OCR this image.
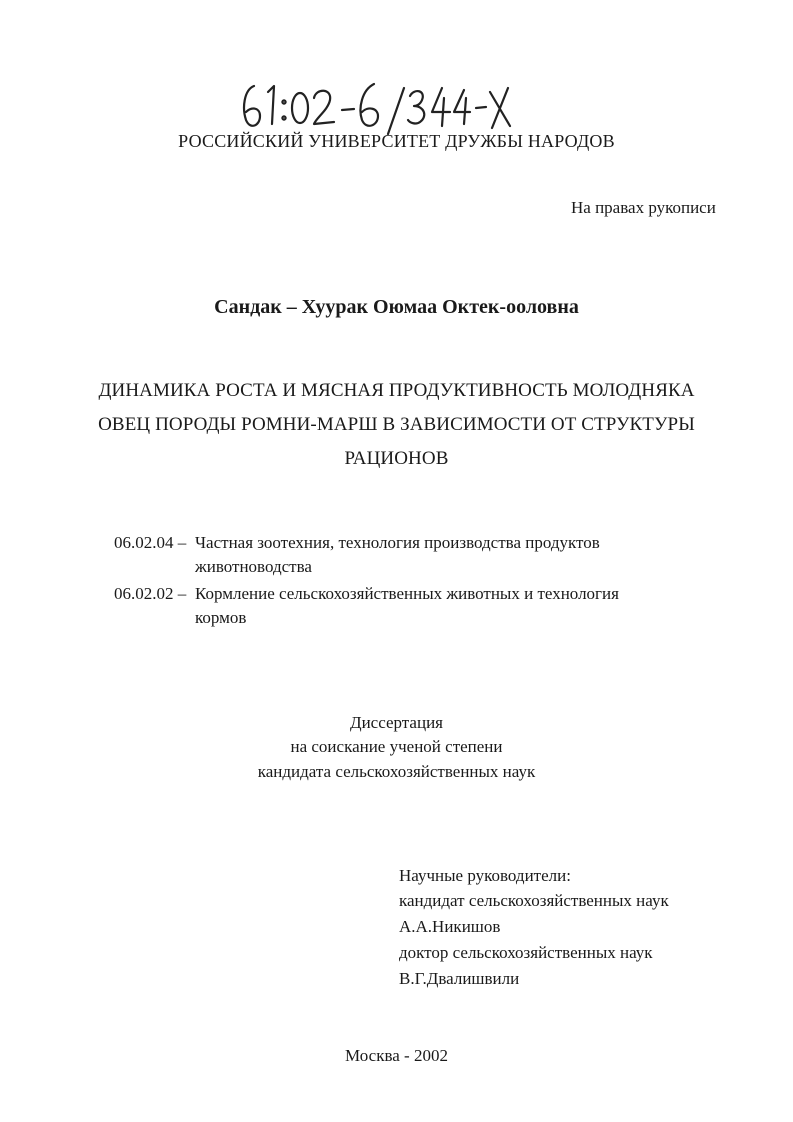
РОССИЙСКИЙ УНИВЕРСИТЕТ ДРУЖБЫ НАРОДОВ
На правах рукописи
Сандак – Хуурак Оюмаа Октек-ооловна
ДИНАМИКА РОСТА И МЯСНАЯ ПРОДУКТИВНОСТЬ МОЛОДНЯКА
ОВЕЦ ПОРОДЫ РОМНИ-МАРШ В ЗАВИСИМОСТИ ОТ СТРУКТУРЫ
РАЦИОНОВ
06.02.04 – Частная зоотехния, технология производства продуктов
животноводства
06.02.02 – Кормление сельскохозяйственных животных и технология
кормов
Диссертация
на соискание ученой степени
кандидата сельскохозяйственных наук
Научные руководители:
кандидат сельскохозяйственных наук
А.А.Никишов
доктор сельскохозяйственных наук
В.Г.Двалишвили
Москва - 2002
